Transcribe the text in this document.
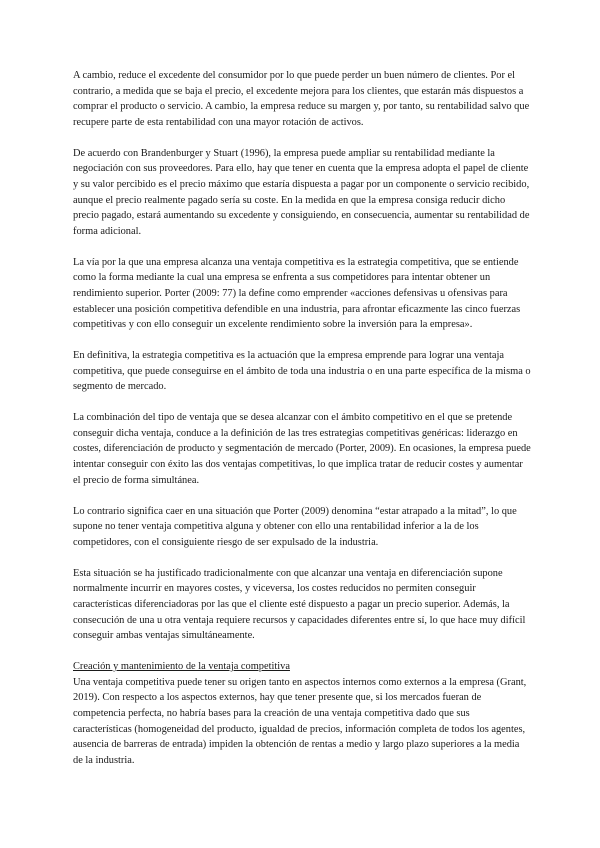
A cambio, reduce el excedente del consumidor por lo que puede perder un buen número de clientes. Por el contrario, a medida que se baja el precio, el excedente mejora para los clientes, que estarán más dispuestos a comprar el producto o servicio. A cambio, la empresa reduce su margen y, por tanto, su rentabilidad salvo que recupere parte de esta rentabilidad con una mayor rotación de activos.

De acuerdo con Brandenburger y Stuart (1996), la empresa puede ampliar su rentabilidad mediante la negociación con sus proveedores. Para ello, hay que tener en cuenta que la empresa adopta el papel de cliente y su valor percibido es el precio máximo que estaría dispuesta a pagar por un componente o servicio recibido, aunque el precio realmente pagado sería su coste. En la medida en que la empresa consiga reducir dicho precio pagado, estará aumentando su excedente y consiguiendo, en consecuencia, aumentar su rentabilidad de forma adicional.

La vía por la que una empresa alcanza una ventaja competitiva es la estrategia competitiva, que se entiende como la forma mediante la cual una empresa se enfrenta a sus competidores para intentar obtener un rendimiento superior. Porter (2009: 77) la define como emprender «acciones defensivas u ofensivas para establecer una posición competitiva defendible en una industria, para afrontar eficazmente las cinco fuerzas competitivas y con ello conseguir un excelente rendimiento sobre la inversión para la empresa».

En definitiva, la estrategia competitiva es la actuación que la empresa emprende para lograr una ventaja competitiva, que puede conseguirse en el ámbito de toda una industria o en una parte específica de la misma o segmento de mercado.

La combinación del tipo de ventaja que se desea alcanzar con el ámbito competitivo en el que se pretende conseguir dicha ventaja, conduce a la definición de las tres estrategias competitivas genéricas: liderazgo en costes, diferenciación de producto y segmentación de mercado (Porter, 2009). En ocasiones, la empresa puede intentar conseguir con éxito las dos ventajas competitivas, lo que implica tratar de reducir costes y aumentar el precio de forma simultánea.

Lo contrario significa caer en una situación que Porter (2009) denomina “estar atrapado a la mitad”, lo que supone no tener ventaja competitiva alguna y obtener con ello una rentabilidad inferior a la de los competidores, con el consiguiente riesgo de ser expulsado de la industria.

Esta situación se ha justificado tradicionalmente con que alcanzar una ventaja en diferenciación supone normalmente incurrir en mayores costes, y viceversa, los costes reducidos no permiten conseguir características diferenciadoras por las que el cliente esté dispuesto a pagar un precio superior. Además, la consecución de una u otra ventaja requiere recursos y capacidades diferentes entre sí, lo que hace muy difícil conseguir ambas ventajas simultáneamente.

Creación y mantenimiento de la ventaja competitiva

Una ventaja competitiva puede tener su origen tanto en aspectos internos como externos a la empresa (Grant, 2019). Con respecto a los aspectos externos, hay que tener presente que, si los mercados fueran de competencia perfecta, no habría bases para la creación de una ventaja competitiva dado que sus características (homogeneidad del producto, igualdad de precios, información completa de todos los agentes, ausencia de barreras de entrada) impiden la obtención de rentas a medio y largo plazo superiores a la media de la industria.
